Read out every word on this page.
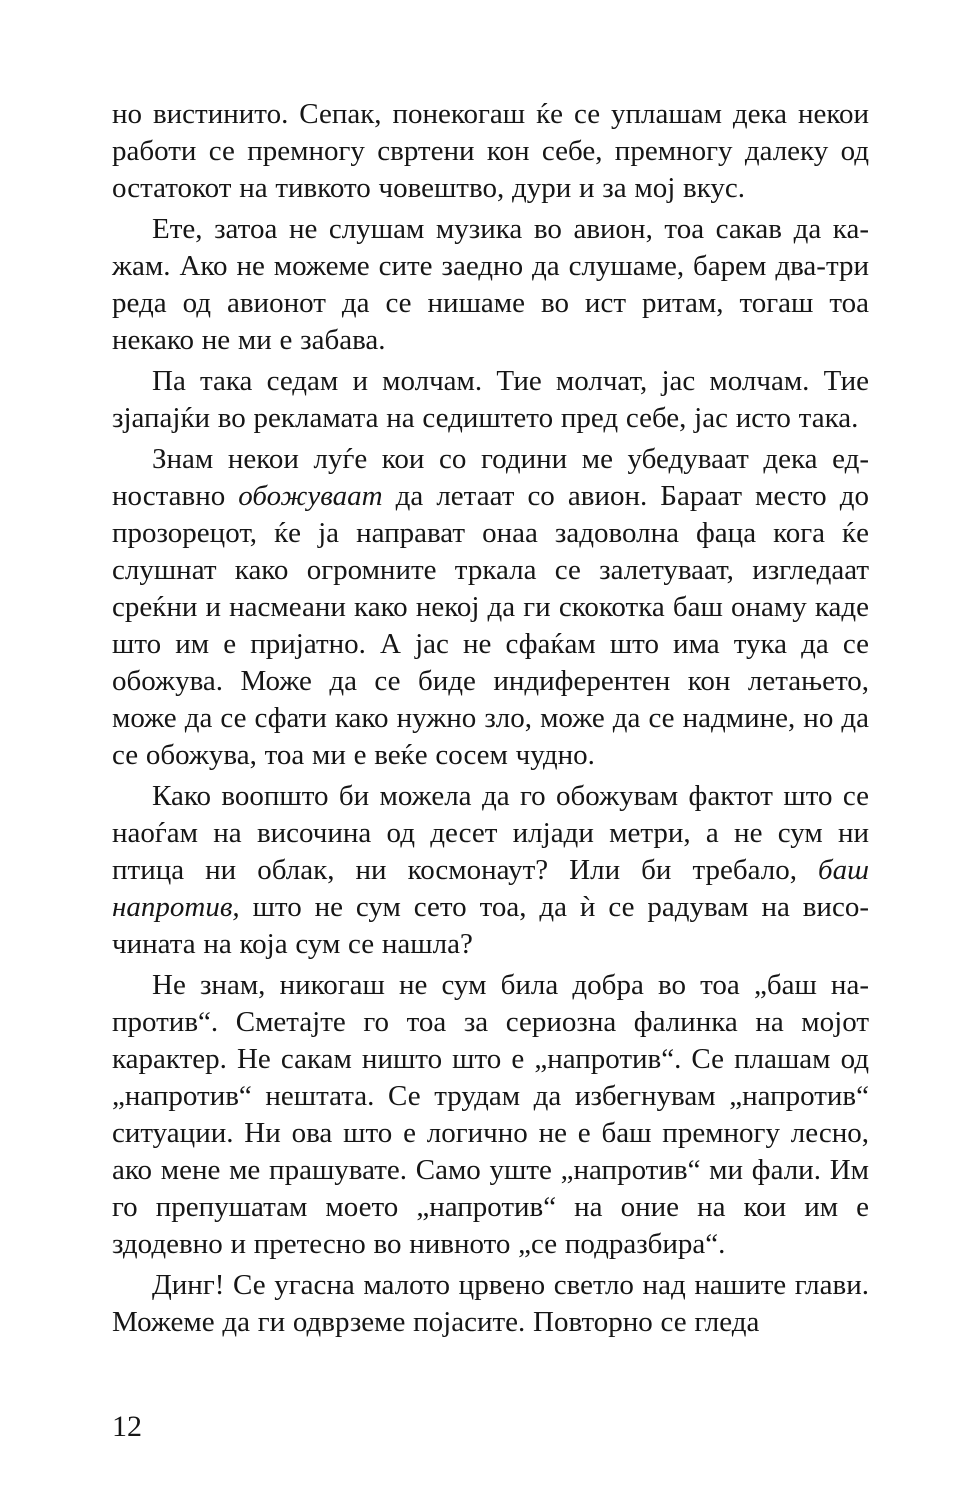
но вистинито. Сепак, понекогаш ќе се уплашам дека некои работи се премногу свртени кон себе, премногу далеку од остатокот на тивкото човештво, дури и за мој вкус.

Ете, затоа не слушам музика во авион, тоа сакав да кажам. Ако не можеме сите заедно да слушаме, барем два-три реда од авионот да се нишаме во ист ритам, тогаш тоа некако не ми е забава.

Па така седам и молчам. Тие молчат, јас молчам. Тие зјапајќи во рекламата на седиштето пред себе, јас исто така.

Знам некои луѓе кои со години ме убедуваат дека едноставно обожуваат да летаат со авион. Бараат место до прозорецот, ќе ја направат онаа задоволна фаца кога ќе слушнат како огромните тркала се залетуваат, изгледаат среќни и насмеани како некој да ги скокотка баш онаму каде што им е пријатно. А јас не сфаќам што има тука да се обожува. Може да се биде индиферентен кон летањето, може да се сфати како нужно зло, може да се надмине, но да се обожува, тоа ми е веќе сосем чудно.

Како воопшто би можела да го обожувам фактот што се наоѓам на височина од десет илјади метри, а не сум ни птица ни облак, ни космонаут? Или би требало, баш напротив, што не сум сето тоа, да ѝ се радувам на височината на која сум се нашла?

Не знам, никогаш не сум била добра во тоа „баш напротив“. Сметајте го тоа за сериозна фалинка на мојот карактер. Не сакам ништо што е „напротив“. Се плашам од „напротив“ нештата. Се трудам да избегнувам „напротив“ ситуации. Ни ова што е логично не е баш премногу лесно, ако мене ме прашувате. Само уште „напротив“ ми фали. Им го препушатам моето „напротив“ на оние на кои им е здодевно и претесно во нивното „се подразбира“.

Динг! Се угасна малото црвено светло над нашите глави. Можеме да ги одврземе појасите. Повторно се гледа

12
